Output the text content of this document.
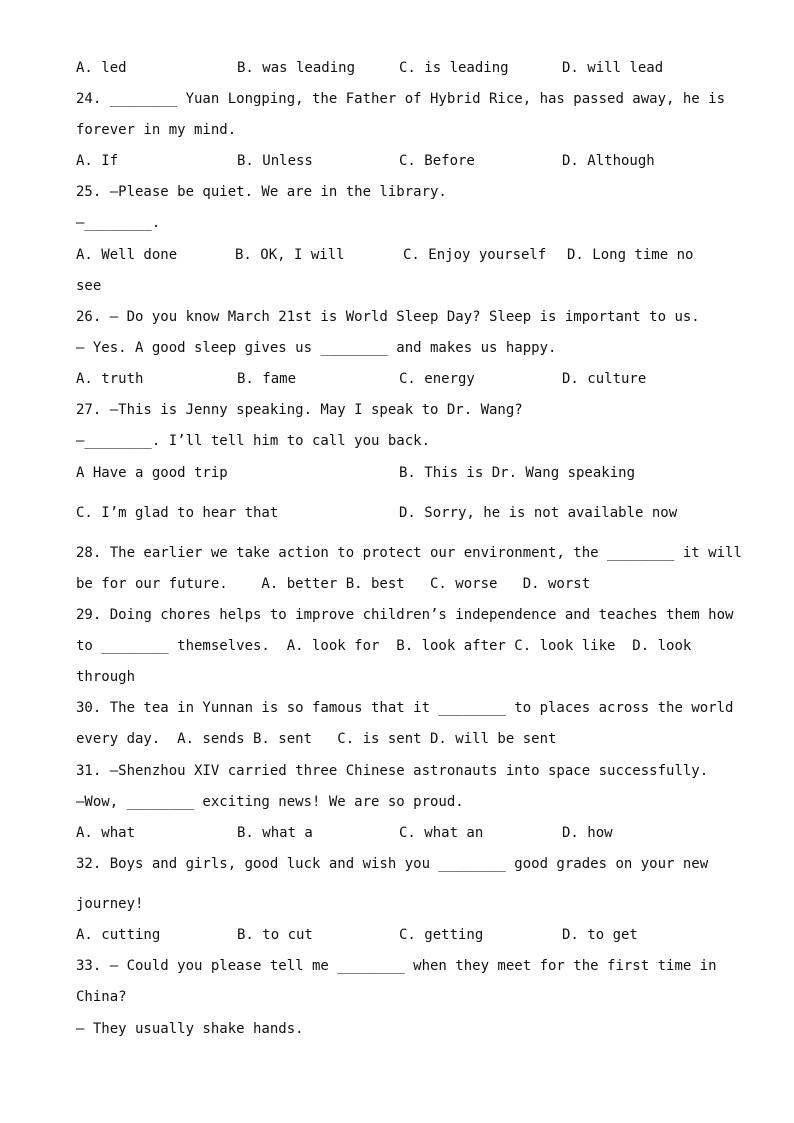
A. led	B. was leading	C. is leading	D. will lead
24. ________ Yuan Longping, the Father of Hybrid Rice, has passed away, he is
forever in my mind.
A. If	B. Unless	C. Before	D. Although
25. —Please be quiet. We are in the library.
—________.
A. Well done	B. OK, I will	C. Enjoy yourself D. Long time no
see
26. — Do you know March 21st is World Sleep Day? Sleep is important to us.
— Yes. A good sleep gives us ________ and makes us happy.
A. truth	B. fame	C. energy	D. culture
27. —This is Jenny speaking. May I speak to Dr. Wang?
—________. I’ll tell him to call you back.
A Have a good trip	B. This is Dr. Wang speaking
C. I’m glad to hear that	D. Sorry, he is not available now
28. The earlier we take action to protect our environment, the ________ it will
be for our future.    A. better B. best   C. worse   D. worst
29. Doing chores helps to improve children’s independence and teaches them how
to ________ themselves.  A. look for  B. look after C. look like  D. look
through
30. The tea in Yunnan is so famous that it ________ to places across the world
every day.  A. sends B. sent   C. is sent D. will be sent
31. —Shenzhou XIV carried three Chinese astronauts into space successfully.
—Wow, ________ exciting news! We are so proud.
A. what	B. what a	C. what an	D. how
32. Boys and girls, good luck and wish you ________ good grades on your new
journey!
A. cutting	B. to cut	C. getting	D. to get
33. — Could you please tell me ________ when they meet for the first time in
China?
— They usually shake hands.
